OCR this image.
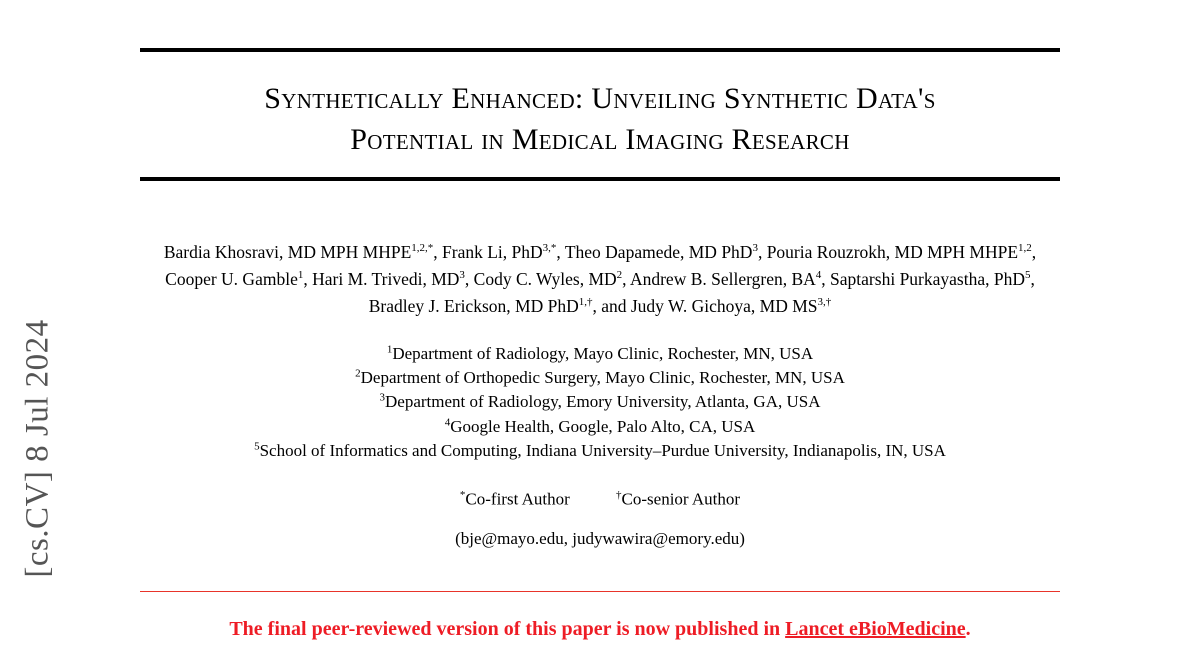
[cs.CV] 8 Jul 2024
Synthetically Enhanced: Unveiling Synthetic Data's
Potential in Medical Imaging Research
Bardia Khosravi, MD MPH $MHPE^{1,2,*}$, Frank Li, PhD$^{3,*}$, Theo Dapamede, MD PhD$^3$, Pouria Rouzrokh, MD MPH MHPE$^{1,2}$, Cooper U. Gamble$^1$, Hari M. Trivedi, $MD^3$, Cody C. Wyles, $MD^2$, Andrew B. Sellergren, $BA^4$, Saptarshi Purkayastha, PhD$^5$, Bradley J. Erickson, MD PhD$^{1,\dagger}$, and Judy W. Gichoya, MD $MS^{3,\dagger}$
$^1$Department of Radiology, Mayo Clinic, Rochester, MN, USA
$^2$Department of Orthopedic Surgery, Mayo Clinic, Rochester, MN, USA
$^3$Department of Radiology, Emory University, Atlanta, GA, USA
$^4$Google Health, Google, Palo Alto, CA, USA
$^5$School of Informatics and Computing, Indiana University–Purdue University, Indianapolis, IN, USA
*Co-first Author	†Co-senior Author
(bje@mayo.edu, judywawira@emory.edu)
The final peer-reviewed version of this paper is now published in Lancet eBioMedicine.
